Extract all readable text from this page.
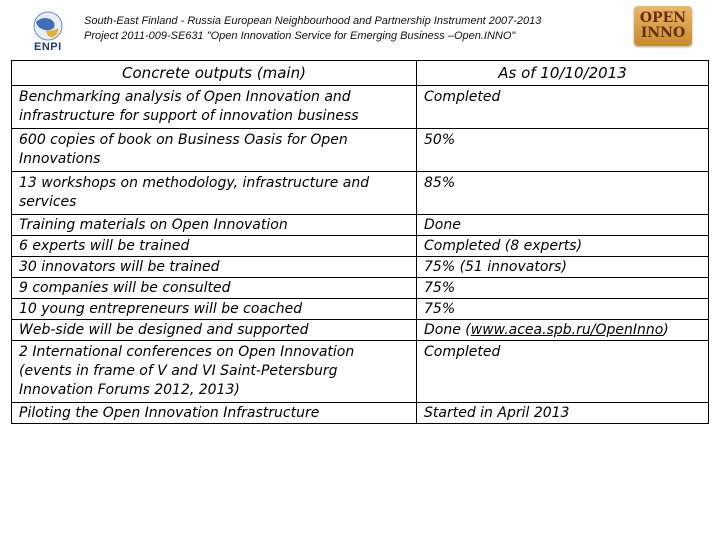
ENPI
South-East Finland - Russia European Neighbourhood and Partnership Instrument 2007-2013
Project 2011-009-SE631 "Open Innovation Service for Emerging Business –Open.INNO"
OPEN
INNO
Concrete outputs (main)	As of 10/10/2013
Benchmarking analysis of Open Innovation and infrastructure for support of innovation business	Completed
600 copies of book on Business Oasis for Open Innovations	50%
13 workshops on methodology, infrastructure and services	85%
Training materials on Open Innovation	Done
6 experts will be trained	Completed (8 experts)
30 innovators will be trained	75% (51 innovators)
9 companies will be consulted	75%
10 young entrepreneurs will be coached	75%
Web-side will be designed and supported	Done (www.acea.spb.ru/OpenInno)
2 International conferences on Open Innovation (events in frame of V and VI Saint-Petersburg Innovation Forums 2012, 2013)	Completed
Piloting the Open Innovation Infrastructure	Started in April 2013
